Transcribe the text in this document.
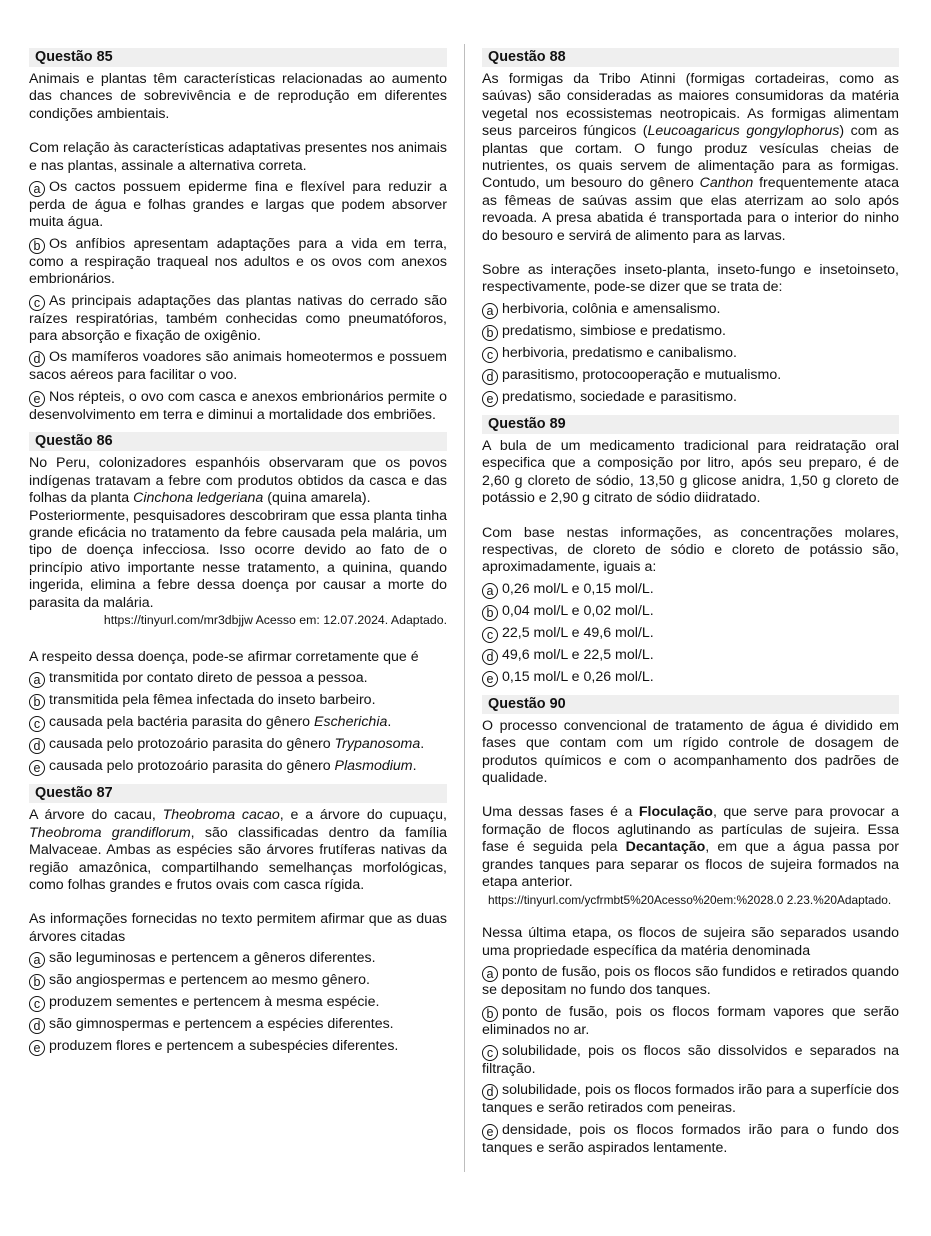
Questão 85

Animais e plantas têm características relacionadas ao aumento das chances de sobrevivência e de reprodução em diferentes condições ambientais.

Com relação às características adaptativas presentes nos animais e nas plantas, assinale a alternativa correta.

a Os cactos possuem epiderme fina e flexível para reduzir a perda de água e folhas grandes e largas que podem absorver muita água.
b Os anfíbios apresentam adaptações para a vida em terra, como a respiração traqueal nos adultos e os ovos com anexos embrionários.
c As principais adaptações das plantas nativas do cerrado são raízes respiratórias, também conhecidas como pneumatóforos, para absorção e fixação de oxigênio.
d Os mamíferos voadores são animais homeotermos e possuem sacos aéreos para facilitar o voo.
e Nos répteis, o ovo com casca e anexos embrionários permite o desenvolvimento em terra e diminui a mortalidade dos embriões.
Questão 86

No Peru, colonizadores espanhóis observaram que os povos indígenas tratavam a febre com produtos obtidos da casca e das folhas da planta Cinchona ledgeriana (quina amarela).

Posteriormente, pesquisadores descobriram que essa planta tinha grande eficácia no tratamento da febre causada pela malária, um tipo de doença infecciosa. Isso ocorre devido ao fato de o princípio ativo importante nesse tratamento, a quinina, quando ingerida, elimina a febre dessa doença por causar a morte do parasita da malária.

https://tinyurl.com/mr3dbjjw Acesso em: 12.07.2024. Adaptado.

A respeito dessa doença, pode-se afirmar corretamente que é

a transmitida por contato direto de pessoa a pessoa.
b transmitida pela fêmea infectada do inseto barbeiro.
c causada pela bactéria parasita do gênero Escherichia.
d causada pelo protozoário parasita do gênero Trypanosoma.
e causada pelo protozoário parasita do gênero Plasmodium.
Questão 87

A árvore do cacau, Theobroma cacao, e a árvore do cupuaçu, Theobroma grandiflorum, são classificadas dentro da família Malvaceae. Ambas as espécies são árvores frutíferas nativas da região amazônica, compartilhando semelhanças morfológicas, como folhas grandes e frutos ovais com casca rígida.

As informações fornecidas no texto permitem afirmar que as duas árvores citadas

a são leguminosas e pertencem a gêneros diferentes.
b são angiospermas e pertencem ao mesmo gênero.
c produzem sementes e pertencem à mesma espécie.
d são gimnospermas e pertencem a espécies diferentes.
e produzem flores e pertencem a subespécies diferentes.
Questão 88

As formigas da Tribo Atinni (formigas cortadeiras, como as saúvas) são consideradas as maiores consumidoras da matéria vegetal nos ecossistemas neotropicais. As formigas alimentam seus parceiros fúngicos (Leucoagaricus gongylophorus) com as plantas que cortam. O fungo produz vesículas cheias de nutrientes, os quais servem de alimentação para as formigas. Contudo, um besouro do gênero Canthon frequentemente ataca as fêmeas de saúvas assim que elas aterrizam ao solo após revoada. A presa abatida é transportada para o interior do ninho do besouro e servirá de alimento para as larvas.

Sobre as interações inseto-planta, inseto-fungo e insetoinseto, respectivamente, pode-se dizer que se trata de:

a herbivoria, colônia e amensalismo.
b predatismo, simbiose e predatismo.
c herbivoria, predatismo e canibalismo.
d parasitismo, protocooperação e mutualismo.
e predatismo, sociedade e parasitismo.
Questão 89

A bula de um medicamento tradicional para reidratação oral especifica que a composição por litro, após seu preparo, é de 2,60 g cloreto de sódio, 13,50 g glicose anidra, 1,50 g cloreto de potássio e 2,90 g citrato de sódio diidratado.

Com base nestas informações, as concentrações molares, respectivas, de cloreto de sódio e cloreto de potássio são, aproximadamente, iguais a:

a 0,26 mol/L e 0,15 mol/L.
b 0,04 mol/L e 0,02 mol/L.
c 22,5 mol/L e 49,6 mol/L.
d 49,6 mol/L e 22,5 mol/L.
e 0,15 mol/L e 0,26 mol/L.
Questão 90

O processo convencional de tratamento de água é dividido em fases que contam com um rígido controle de dosagem de produtos químicos e com o acompanhamento dos padrões de qualidade.

Uma dessas fases é a Floculação, que serve para provocar a formação de flocos aglutinando as partículas de sujeira. Essa fase é seguida pela Decantação, em que a água passa por grandes tanques para separar os flocos de sujeira formados na etapa anterior.

https://tinyurl.com/ycfrmbt5%20Acesso%20em:%2028.0 2.23.%20Adaptado.

Nessa última etapa, os flocos de sujeira são separados usando uma propriedade específica da matéria denominada

a ponto de fusão, pois os flocos são fundidos e retirados quando se depositam no fundo dos tanques.
b ponto de fusão, pois os flocos formam vapores que serão eliminados no ar.
c solubilidade, pois os flocos são dissolvidos e separados na filtração.
d solubilidade, pois os flocos formados irão para a superfície dos tanques e serão retirados com peneiras.
e densidade, pois os flocos formados irão para o fundo dos tanques e serão aspirados lentamente.
